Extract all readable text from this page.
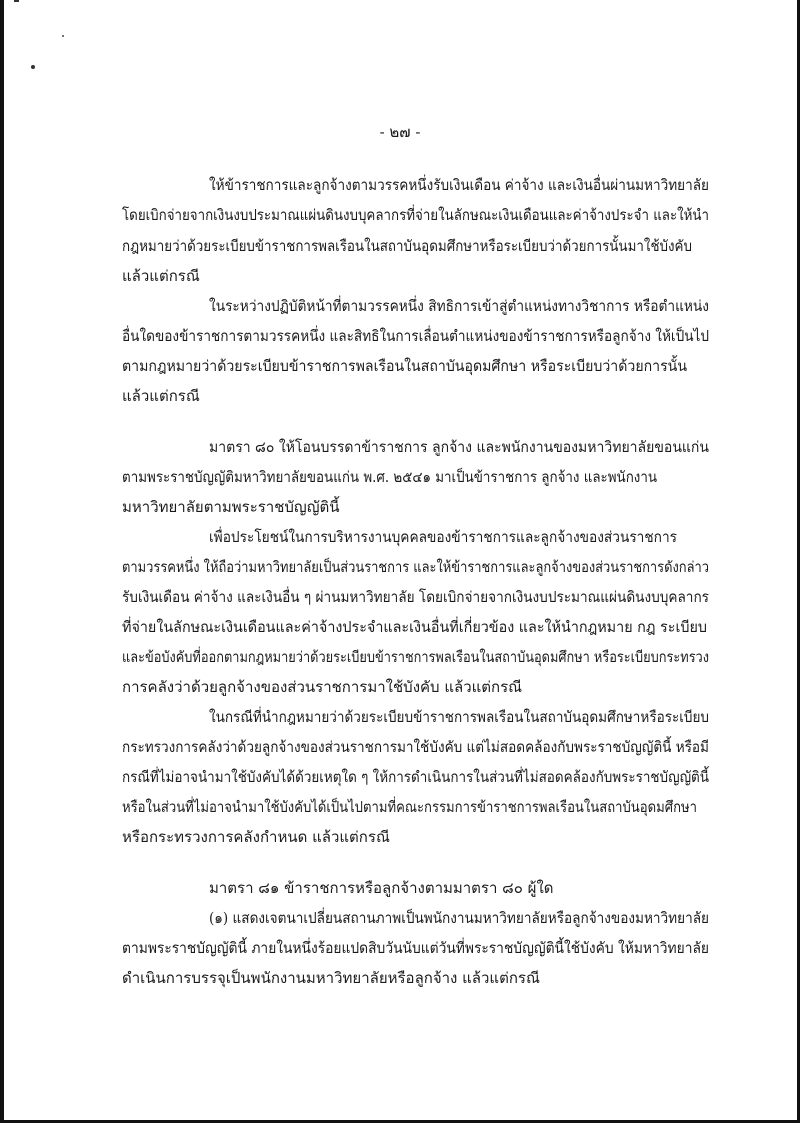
- ๒๗ -
ให้ข้าราชการและลูกจ้างตามวรรคหนึ่งรับเงินเดือน ค่าจ้าง และเงินอื่นผ่านมหาวิทยาลัย
โดยเบิกจ่ายจากเงินงบประมาณแผ่นดินงบบุคลากรที่จ่ายในลักษณะเงินเดือนและค่าจ้างประจำ และให้นำ
กฎหมายว่าด้วยระเบียบข้าราชการพลเรือนในสถาบันอุดมศึกษาหรือระเบียบว่าด้วยการนั้นมาใช้บังคับ
แล้วแต่กรณี
ในระหว่างปฏิบัติหน้าที่ตามวรรคหนึ่ง สิทธิการเข้าสู่ตำแหน่งทางวิชาการ หรือตำแหน่ง
อื่นใดของข้าราชการตามวรรคหนึ่ง และสิทธิในการเลื่อนตำแหน่งของข้าราชการหรือลูกจ้าง ให้เป็นไป
ตามกฎหมายว่าด้วยระเบียบข้าราชการพลเรือนในสถาบันอุดมศึกษา หรือระเบียบว่าด้วยการนั้น
แล้วแต่กรณี
มาตรา ๘๐ ให้โอนบรรดาข้าราชการ ลูกจ้าง และพนักงานของมหาวิทยาลัยขอนแก่น
ตามพระราชบัญญัติมหาวิทยาลัยขอนแก่น พ.ศ. ๒๕๔๑ มาเป็นข้าราชการ ลูกจ้าง และพนักงาน
มหาวิทยาลัยตามพระราชบัญญัตินี้
เพื่อประโยชน์ในการบริหารงานบุคคลของข้าราชการและลูกจ้างของส่วนราชการ
ตามวรรคหนึ่ง ให้ถือว่ามหาวิทยาลัยเป็นส่วนราชการ และให้ข้าราชการและลูกจ้างของส่วนราชการดังกล่าว
รับเงินเดือน ค่าจ้าง และเงินอื่น ๆ ผ่านมหาวิทยาลัย โดยเบิกจ่ายจากเงินงบประมาณแผ่นดินงบบุคลากร
ที่จ่ายในลักษณะเงินเดือนและค่าจ้างประจำและเงินอื่นที่เกี่ยวข้อง และให้นำกฎหมาย กฎ ระเบียบ
และข้อบังคับที่ออกตามกฎหมายว่าด้วยระเบียบข้าราชการพลเรือนในสถาบันอุดมศึกษา หรือระเบียบกระทรวง
การคลังว่าด้วยลูกจ้างของส่วนราชการมาใช้บังคับ แล้วแต่กรณี
ในกรณีที่นำกฎหมายว่าด้วยระเบียบข้าราชการพลเรือนในสถาบันอุดมศึกษาหรือระเบียบ
กระทรวงการคลังว่าด้วยลูกจ้างของส่วนราชการมาใช้บังคับ แต่ไม่สอดคล้องกับพระราชบัญญัตินี้ หรือมี
กรณีที่ไม่อาจนำมาใช้บังคับได้ด้วยเหตุใด ๆ ให้การดำเนินการในส่วนที่ไม่สอดคล้องกับพระราชบัญญัตินี้
หรือในส่วนที่ไม่อาจนำมาใช้บังคับได้เป็นไปตามที่คณะกรรมการข้าราชการพลเรือนในสถาบันอุดมศึกษา
หรือกระทรวงการคลังกำหนด แล้วแต่กรณี
มาตรา ๘๑ ข้าราชการหรือลูกจ้างตามมาตรา ๘๐ ผู้ใด
(๑) แสดงเจตนาเปลี่ยนสถานภาพเป็นพนักงานมหาวิทยาลัยหรือลูกจ้างของมหาวิทยาลัย
ตามพระราชบัญญัตินี้ ภายในหนึ่งร้อยแปดสิบวันนับแต่วันที่พระราชบัญญัตินี้ใช้บังคับ ให้มหาวิทยาลัย
ดำเนินการบรรจุเป็นพนักงานมหาวิทยาลัยหรือลูกจ้าง แล้วแต่กรณี
